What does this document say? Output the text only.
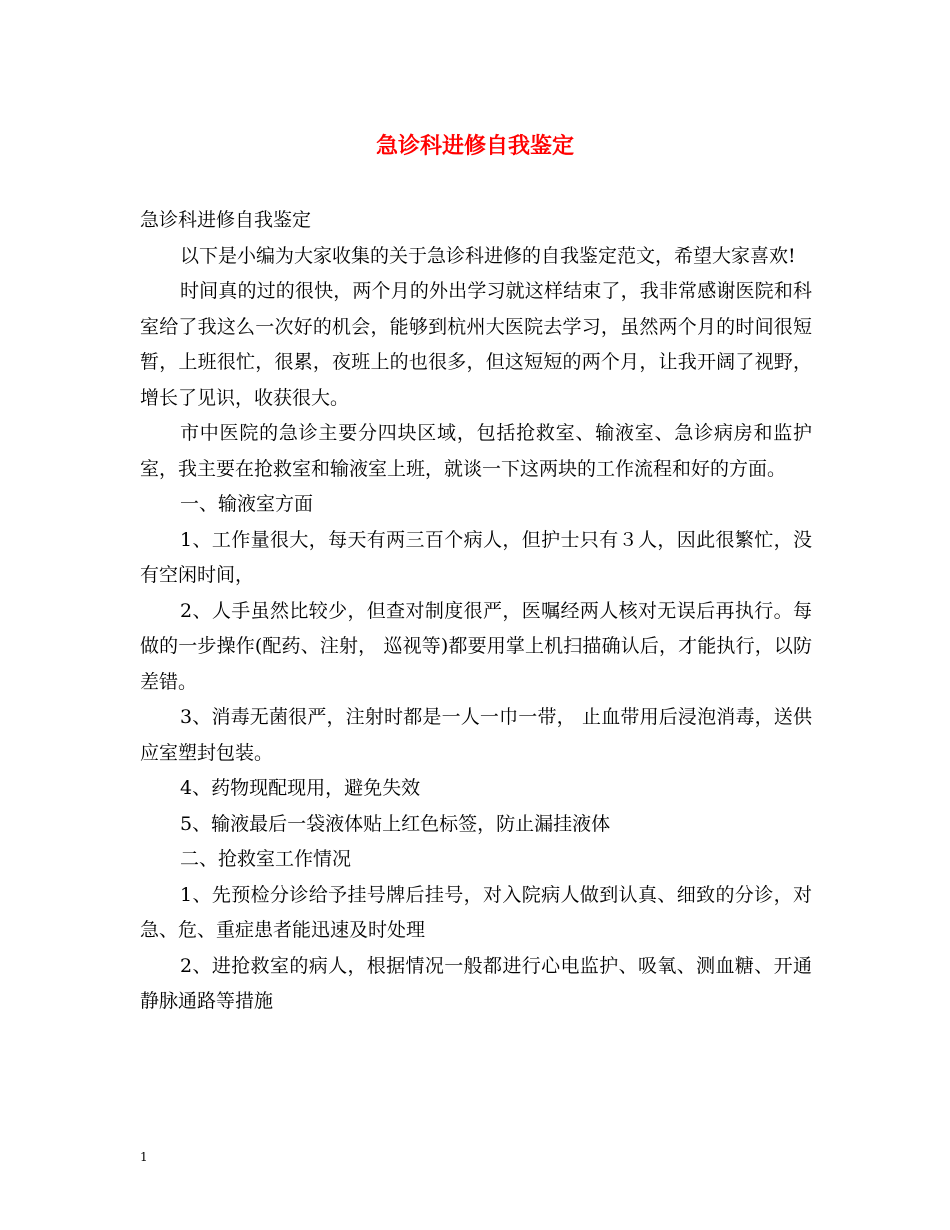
急诊科进修自我鉴定

急诊科进修自我鉴定

以下是小编为大家收集的关于急诊科进修的自我鉴定范文，希望大家喜欢!

时间真的过的很快，两个月的外出学习就这样结束了，我非常感谢医院和科室给了我这么一次好的机会，能够到杭州大医院去学习，虽然两个月的时间很短暂，上班很忙，很累，夜班上的也很多，但这短短的两个月，让我开阔了视野，增长了见识，收获很大。

市中医院的急诊主要分四块区域，包括抢救室、输液室、急诊病房和监护室，我主要在抢救室和输液室上班，就谈一下这两块的工作流程和好的方面。

一、输液室方面

1、工作量很大，每天有两三百个病人，但护士只有３人，因此很繁忙，没有空闲时间，

2、人手虽然比较少，但查对制度很严，医嘱经两人核对无误后再执行。每做的一步操作(配药、注射， 巡视等)都要用掌上机扫描确认后，才能执行，以防差错。

3、消毒无菌很严，注射时都是一人一巾一带， 止血带用后浸泡消毒，送供应室塑封包装。

4、药物现配现用，避免失效

5、输液最后一袋液体贴上红色标签，防止漏挂液体

二、抢救室工作情况

1、先预检分诊给予挂号牌后挂号，对入院病人做到认真、细致的分诊，对急、危、重症患者能迅速及时处理

2、进抢救室的病人，根据情况一般都进行心电监护、吸氧、测血糖、开通静脉通路等措施

1
